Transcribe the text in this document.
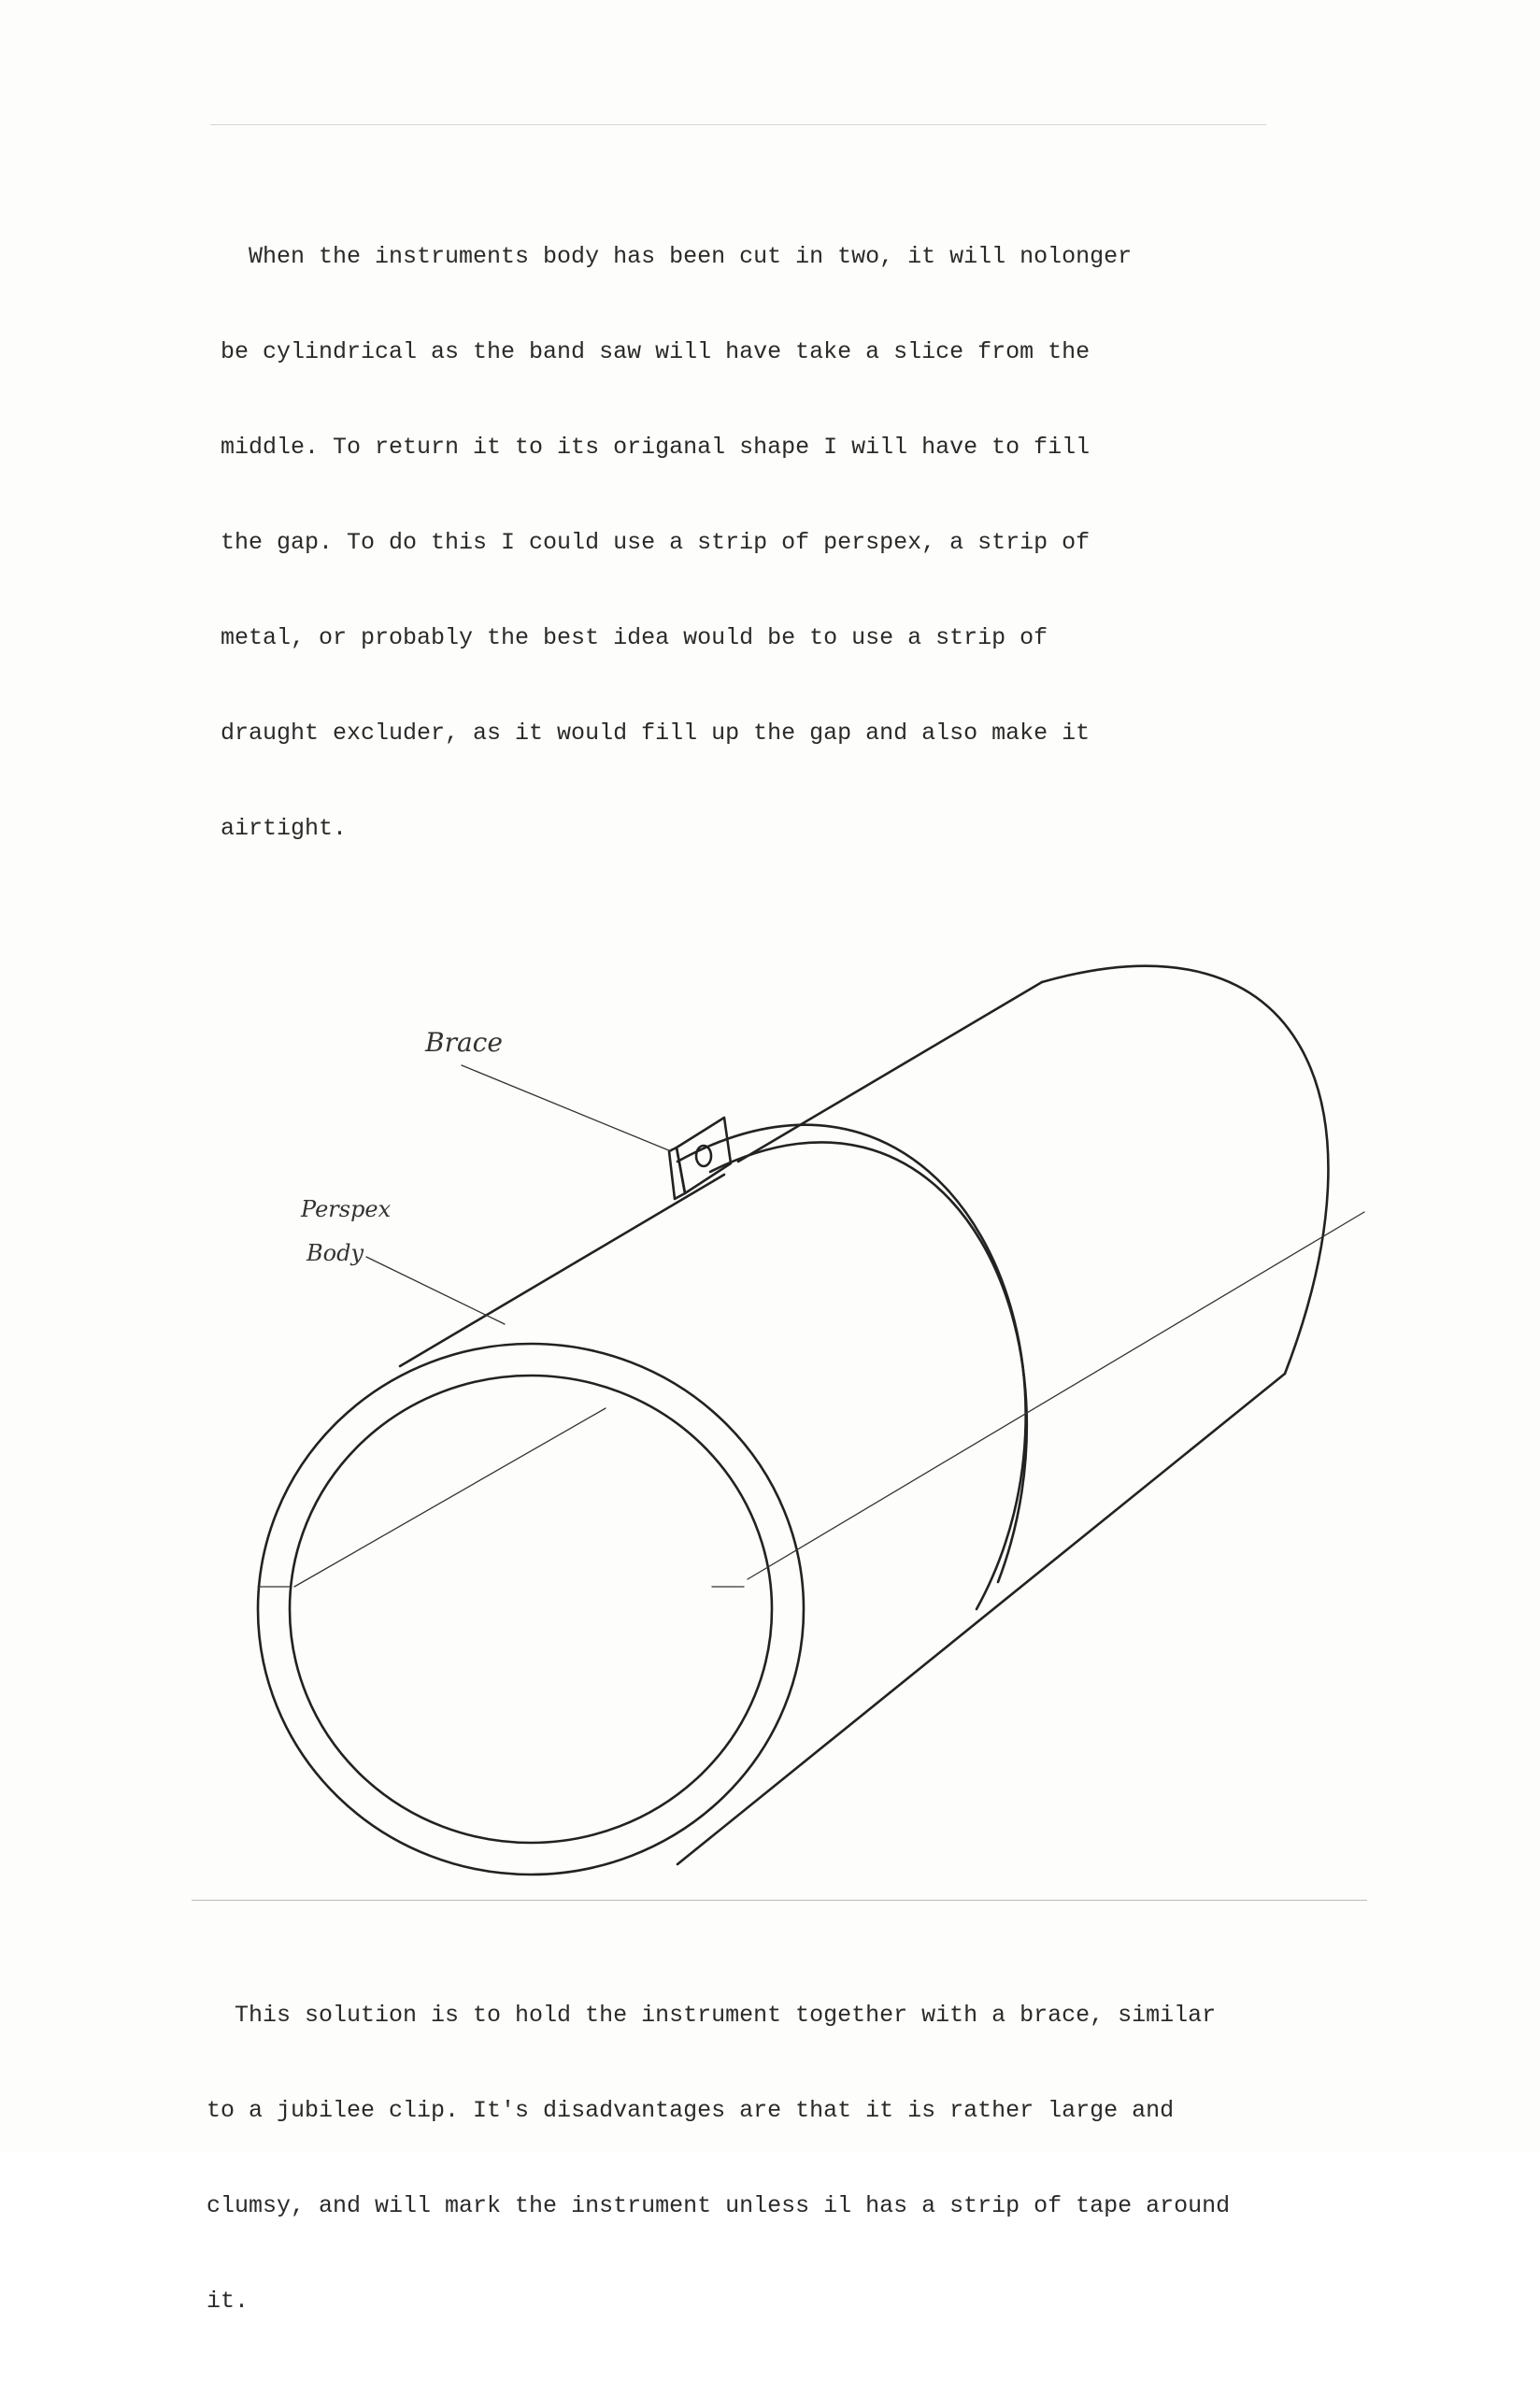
When the instruments body has been cut in two, it will nolonger

be cylindrical as the band saw will have take a slice from the

middle. To return it to its origanal shape I will have to fill

the gap. To do this I could use a strip of perspex, a strip of

metal, or probably the best idea would be to use a strip of

draught excluder, as it would fill up the gap and also make it

airtight.

Brace
Perspex
Body

This solution is to hold the instrument together with a brace, similar

to a jubilee clip. It's disadvantages are that it is rather large and

clumsy, and will mark the instrument unless il has a strip of tape around

it.
